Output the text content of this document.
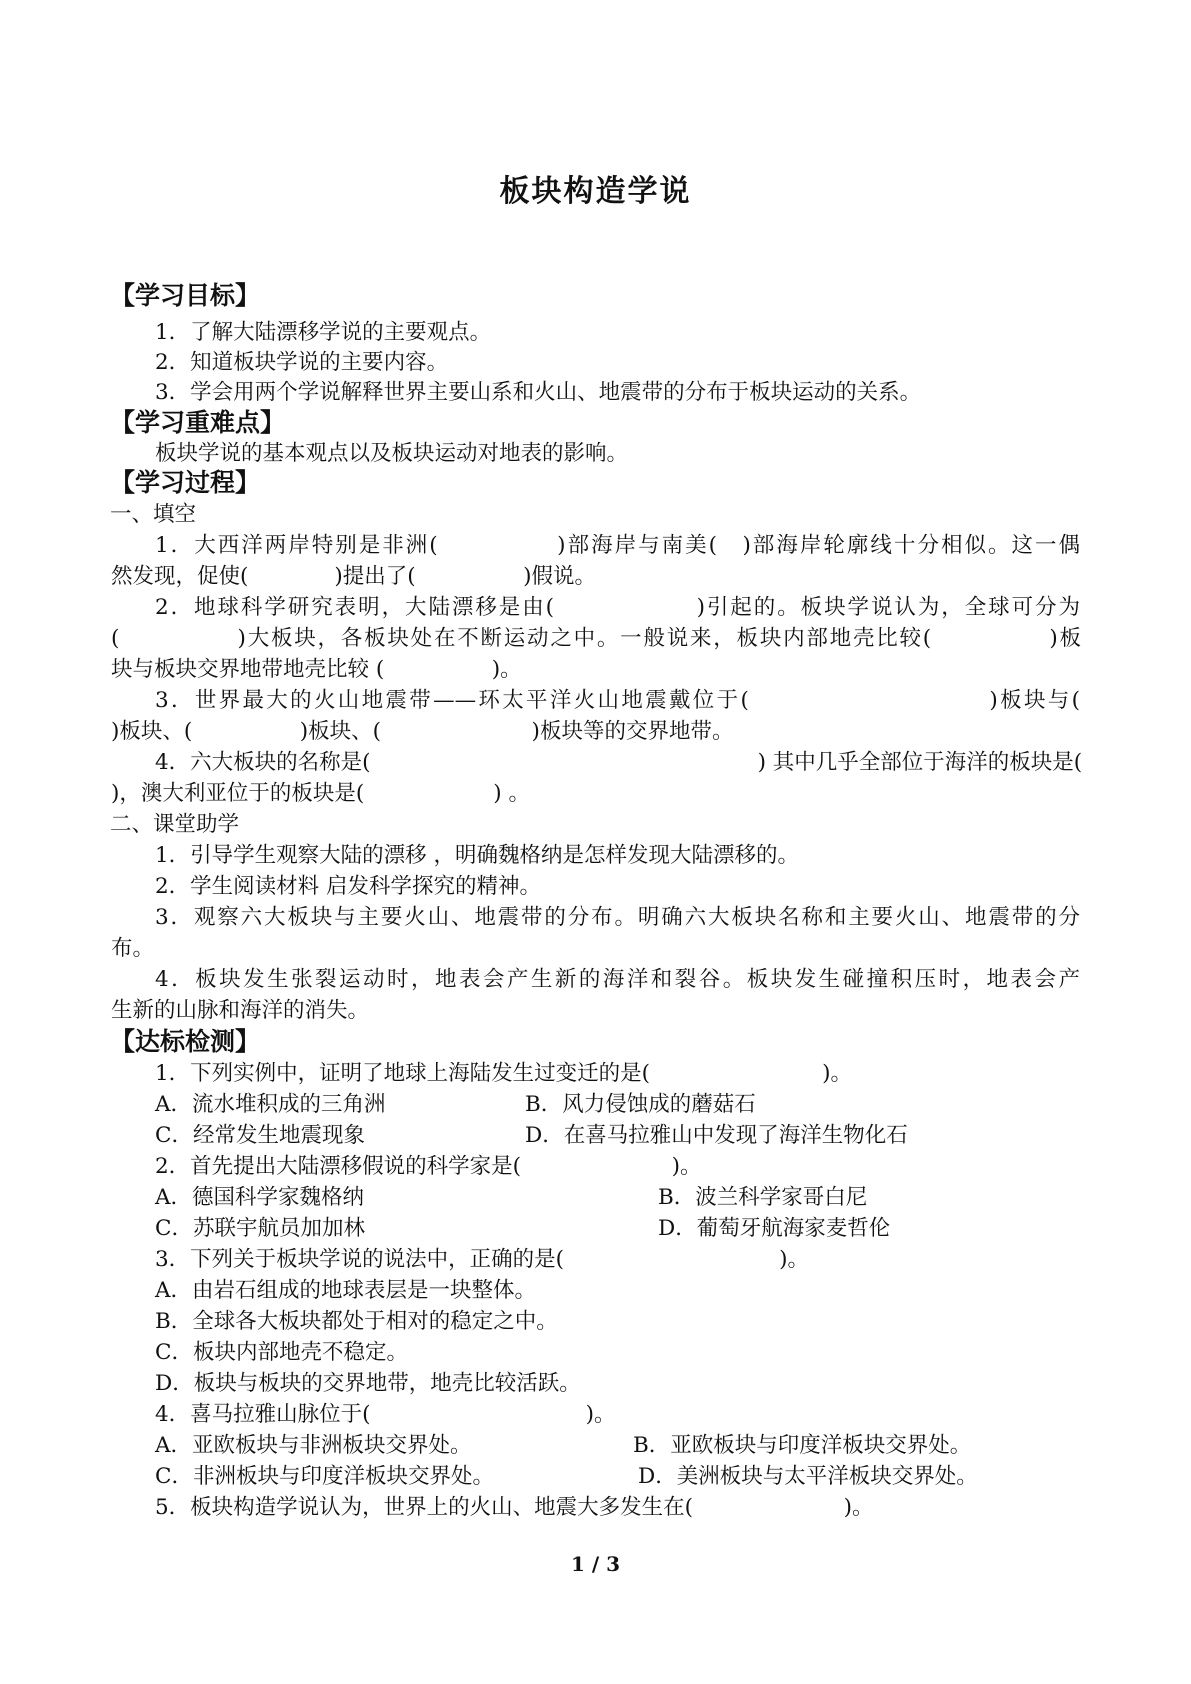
板块构造学说
【学习目标】
1．了解大陆漂移学说的主要观点。
2．知道板块学说的主要内容。
3．学会用两个学说解释世界主要山系和火山、地震带的分布于板块运动的关系。
【学习重难点】
板块学说的基本观点以及板块运动对地表的影响。
【学习过程】
一、填空
1．大西洋两岸特别是非洲(　　　　　)部海岸与南美(　)部海岸轮廓线十分相似。这一偶
然发现，促使(　　　　)提出了(　　　　　)假说。
2．地球科学研究表明，大陆漂移是由(　　　　　　)引起的。板块学说认为，全球可分为
(　　　　　)大板块，各板块处在不断运动之中。一般说来，板块内部地壳比较(　　　　　)板
块与板块交界地带地壳比较 (　　　　　)。
3．世界最大的火山地震带——环太平洋火山地震戴位于(　　　　　　　　　　)板块与(
)板块、(　　　　　)板块、(　　　　　　　)板块等的交界地带。
4．六大板块的名称是(　　　　　　　　　　　　　　　　　　) 其中几乎全部位于海洋的板块是(
)，澳大利亚位于的板块是(　　　　　　) 。
二、课堂助学
1．引导学生观察大陆的漂移 ，明确魏格纳是怎样发现大陆漂移的。
2．学生阅读材料 启发科学探究的精神。
3．观察六大板块与主要火山、地震带的分布。明确六大板块名称和主要火山、地震带的分
布。
4．板块发生张裂运动时，地表会产生新的海洋和裂谷。板块发生碰撞积压时，地表会产
生新的山脉和海洋的消失。
【达标检测】
1．下列实例中，证明了地球上海陆发生过变迁的是(　　　　　　　　)。
A．流水堆积成的三角洲	B．风力侵蚀成的蘑菇石
C．经常发生地震现象	D．在喜马拉雅山中发现了海洋生物化石
2．首先提出大陆漂移假说的科学家是(　　　　　　　)。
A．德国科学家魏格纳	B．波兰科学家哥白尼
C．苏联宇航员加加林	D．葡萄牙航海家麦哲伦
3．下列关于板块学说的说法中，正确的是(　　　　　　　　　　)。
A．由岩石组成的地球表层是一块整体。
B．全球各大板块都处于相对的稳定之中。
C．板块内部地壳不稳定。
D．板块与板块的交界地带，地壳比较活跃。
4．喜马拉雅山脉位于(　　　　　　　　　　)。
A．亚欧板块与非洲板块交界处。	B．亚欧板块与印度洋板块交界处。
C．非洲板块与印度洋板块交界处。	D．美洲板块与太平洋板块交界处。
5．板块构造学说认为，世界上的火山、地震大多发生在(　　　　　　　)。
1 / 3
